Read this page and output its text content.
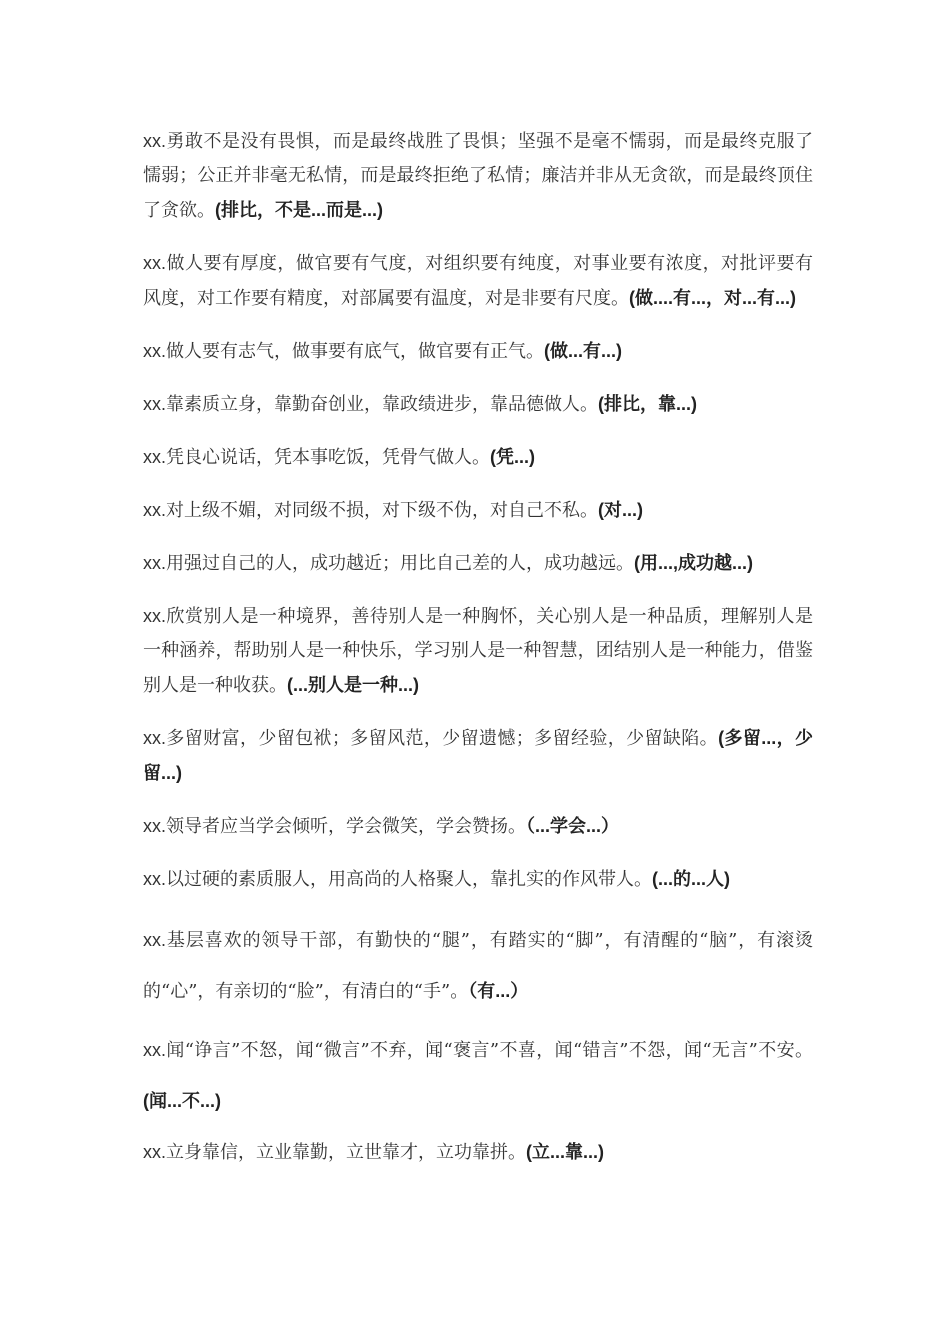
xx.勇敢不是没有畏惧，而是最终战胜了畏惧；坚强不是毫不懦弱，而是最终克服了懦弱；公正并非毫无私情，而是最终拒绝了私情；廉洁并非从无贪欲，而是最终顶住了贪欲。(排比，不是...而是...)

xx.做人要有厚度，做官要有气度，对组织要有纯度，对事业要有浓度，对批评要有风度，对工作要有精度，对部属要有温度，对是非要有尺度。(做....有...，对...有...)

xx.做人要有志气，做事要有底气，做官要有正气。(做...有...)

xx.靠素质立身，靠勤奋创业，靠政绩进步，靠品德做人。(排比，靠...)

xx.凭良心说话，凭本事吃饭，凭骨气做人。(凭...)

xx.对上级不媚，对同级不损，对下级不伪，对自己不私。(对...)

xx.用强过自己的人，成功越近；用比自己差的人，成功越远。(用...,成功越...)

xx.欣赏别人是一种境界，善待别人是一种胸怀，关心别人是一种品质，理解别人是一种涵养，帮助别人是一种快乐，学习别人是一种智慧，团结别人是一种能力，借鉴别人是一种收获。(...别人是一种...)

xx.多留财富，少留包袱；多留风范，少留遗憾；多留经验，少留缺陷。(多留...，少留...)

xx.领导者应当学会倾听，学会微笑，学会赞扬。（...学会...）

xx.以过硬的素质服人，用高尚的人格聚人，靠扎实的作风带人。(...的...人)

xx.基层喜欢的领导干部，有勤快的“腿”，有踏实的“脚”，有清醒的“脑”，有滚烫的“心”，有亲切的“脸”，有清白的“手”。（有...）

xx.闻“诤言”不怒，闻“微言”不弃，闻“褒言”不喜，闻“错言”不怨，闻“无言”不安。(闻...不...)

xx.立身靠信，立业靠勤，立世靠才，立功靠拼。(立...靠...)
